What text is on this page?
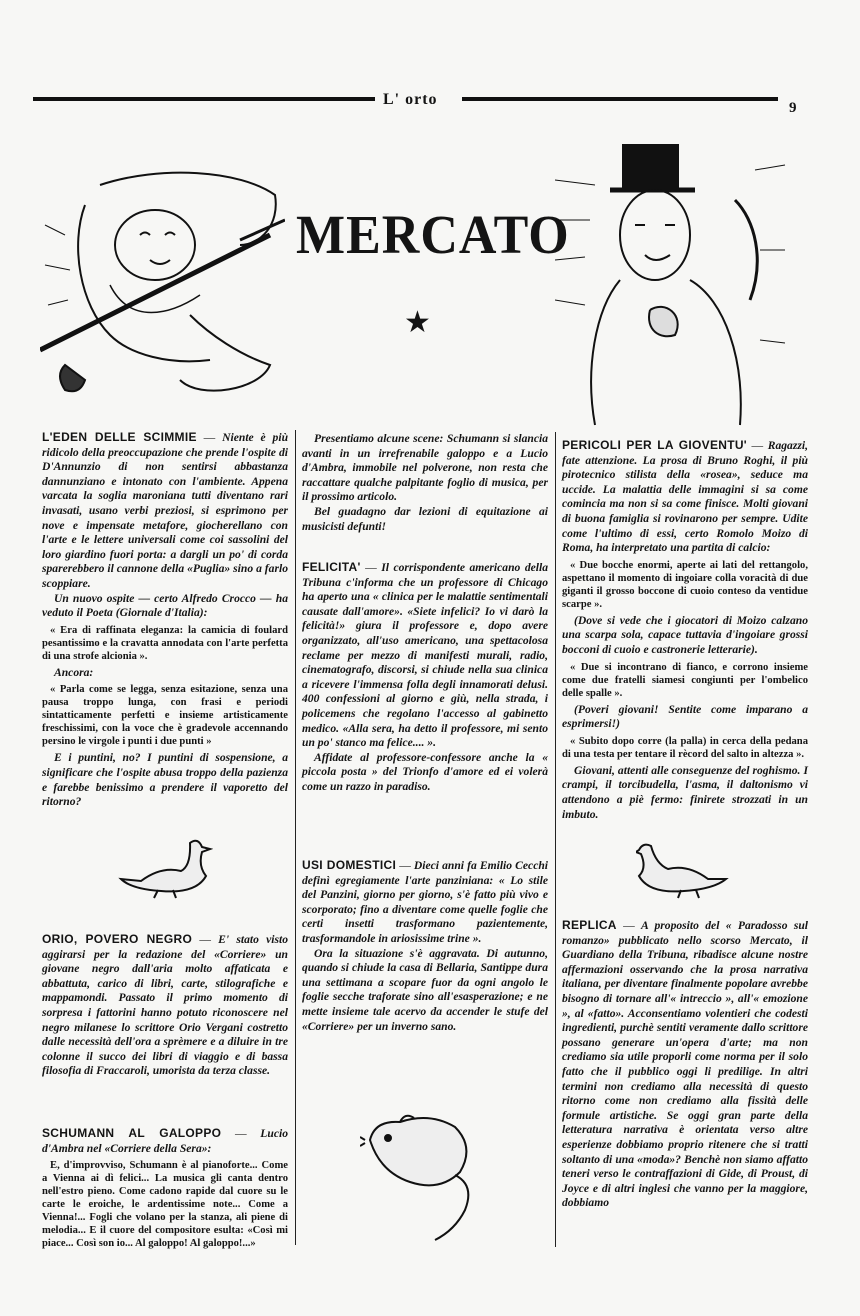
L' orto	9
MERCATO
★

L'EDEN DELLE SCIMMIE — Niente è più ridicolo della preoccupazione che prende l'ospite di D'Annunzio di non sentirsi abbastanza dannunziano e intonato con l'ambiente. Appena varcata la soglia maroniana tutti diventano rari invasati, usano verbi preziosi, si esprimono per nove e impensate metafore, giocherellano con l'arte e le lettere universali come coi sassolini del loro giardino fuori porta: a dargli un po' di corda sparerebbero il cannone della «Puglia» sino a farlo scoppiare.

Un nuovo ospite — certo Alfredo Crocco — ha veduto il Poeta (Giornale d'Italia):

« Era di raffinata eleganza: la camicia di foulard pesantissimo e la cravatta annodata con l'arte perfetta di una strofe alcionia ».

Ancora:

« Parla come se legga, senza esitazione, senza una pausa troppo lunga, con frasi e periodi sintatticamente perfetti e insieme artisticamente freschissimi, con la voce che è gradevole accennando persino le virgole i punti i due punti »

E i puntini, no? I puntini di sospensione, a significare che l'ospite abusa troppo della pazienza e farebbe benissimo a prendere il vaporetto del ritorno?

ORIO, POVERO NEGRO — E' stato visto aggirarsi per la redazione del «Corriere» un giovane negro dall'aria molto affaticata e abbattuta, carico di libri, carte, stilografiche e mappamondi. Passato il primo momento di sorpresa i fattorini hanno potuto riconoscere nel negro milanese lo scrittore Orio Vergani costretto dalle necessità dell'ora a sprèmere e a diluire in tre colonne il succo dei libri di viaggio e di bassa filosofia di Fraccaroli, umorista da terza classe.

SCHUMANN AL GALOPPO — Lucio d'Ambra nel «Corriere della Sera»:

E, d'improvviso, Schumann è al pianoforte... Come a Vienna ai dì felici... La musica gli canta dentro nell'estro pieno. Come cadono rapide dal cuore su le carte le eroiche, le ardentissime note... Come a Vienna!... Fogli che volano per la stanza, ali piene di melodia... E il cuore del compositore esulta: «Così mi piace... Così son io... Al galoppo! Al galoppo!...»

Presentiamo alcune scene: Schumann si slancia avanti in un irrefrenabile galoppo e a Lucio d'Ambra, immobile nel polverone, non resta che raccattare qualche palpitante foglio di musica, per il prossimo articolo.

Bel guadagno dar lezioni di equitazione ai musicisti defunti!

FELICITA' — Il corrispondente americano della Tribuna c'informa che un professore di Chicago ha aperto una « clinica per le malattie sentimentali causate dall'amore». «Siete infelici? Io vi darò la felicità!» giura il professore e, dopo avere organizzato, all'uso americano, una spettacolosa reclame per mezzo di manifesti murali, radio, cinematografo, discorsi, si chiude nella sua clinica a ricevere l'immensa folla degli innamorati delusi. 400 confessioni al giorno e giù, nella strada, i policemens che regolano l'accesso al gabinetto medico. «Alla sera, ha detto il professore, mi sento un po' stanco ma felice.... ».

Affidate al professore-confessore anche la « piccola posta » del Trionfo d'amore ed ei volerà come un razzo in paradiso.

USI DOMESTICI — Dieci anni fa Emilio Cecchi definì egregiamente l'arte panziniana: « Lo stile del Panzini, giorno per giorno, s'è fatto più vivo e scorporato; fino a diventare come quelle foglie che certi insetti trasformano pazientemente, trasformandole in ariosissime trine ».

Ora la situazione s'è aggravata. Di autunno, quando si chiude la casa di Bellaria, Santippe dura una settimana a scopare fuor da ogni angolo le foglie secche traforate sino all'esasperazione; e ne mette insieme tale acervo da accender le stufe del «Corriere» per un inverno sano.

PERICOLI PER LA GIOVENTU' — Ragazzi, fate attenzione. La prosa di Bruno Roghi, il più pirotecnico stilista della «rosea», seduce ma uccide. La malattia delle immagini si sa come comincia ma non si sa come finisce. Molti giovani di buona famiglia si rovinarono per sempre. Udite come l'ultimo di essi, certo Romolo Moizo di Roma, ha interpretato una partita di calcio:

« Due bocche enormi, aperte ai lati del rettangolo, aspettano il momento di ingoiare colla voracità di due giganti il grosso boccone di cuoio conteso da ventidue scarpe ».

(Dove si vede che i giocatori di Moizo calzano una scarpa sola, capace tuttavia d'ingoiare grossi bocconi di cuoio e castronerie letterarie).

« Due si incontrano di fianco, e corrono insieme come due fratelli siamesi congiunti per l'ombelico delle spalle ».

(Poveri giovani! Sentite come imparano a esprimersi!)

« Subito dopo corre (la palla) in cerca della pedana di una testa per tentare il rècord del salto in altezza ».

Giovani, attenti alle conseguenze del roghismo. I crampi, il torcibudella, l'asma, il daltonismo vi attendono a piè fermo: finirete strozzati in un imbuto.

REPLICA — A proposito del « Paradosso sul romanzo» pubblicato nello scorso Mercato, il Guardiano della Tribuna, ribadisce alcune nostre affermazioni osservando che la prosa narrativa italiana, per diventare finalmente popolare avrebbe bisogno di tornare all'« intreccio », all'« emozione », al «fatto». Acconsentiamo volentieri che codesti ingredienti, purchè sentiti veramente dallo scrittore possano generare un'opera d'arte; ma non crediamo sia utile proporli come norma per il solo fatto che il pubblico oggi li predilige. In altri termini non crediamo alla necessità di questo ritorno come non crediamo alla fissità delle formule artistiche. Se oggi gran parte della letteratura narrativa è orientata verso altre esperienze dobbiamo proprio ritenere che si tratti soltanto di una «moda»? Benchè non siamo affatto teneri verso le contraffazioni di Gide, di Proust, di Joyce e di altri inglesi che vanno per la maggiore, dobbiamo
